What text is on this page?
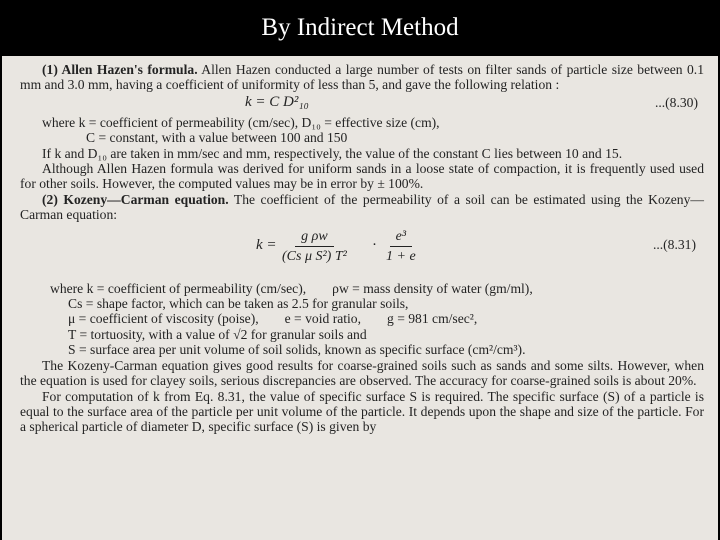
By Indirect Method

(1) Allen Hazen's formula. Allen Hazen conducted a large number of tests on filter sands of particle size between 0.1 mm and 3.0 mm, having a coefficient of uniformity of less than 5, and gave the following relation :

k = C D²₁₀	...(8.30)

where k = coefficient of permeability (cm/sec), D₁₀ = effective size (cm),

C = constant, with a value between 100 and 150

If k and D₁₀ are taken in mm/sec and mm, respectively, the value of the constant C lies between 10 and 15.

Although Allen Hazen formula was derived for uniform sands in a loose state of compaction, it is frequently used used for other soils. However, the computed values may be in error by ± 100%.

(2) Kozeny—Carman equation. The coefficient of the permeability of a soil can be estimated using the Kozeny—Carman equation:

$k = \frac{\text{g ρw}}{\text{(Cs μ S²) T²}} \cdot \frac{\text{e³}}{1 + e}$	...(8.31)

where k = coefficient of permeability (cm/sec), ρw = mass density of water (gm/ml),

Cs = shape factor, which can be taken as 2.5 for granular soils,

μ = coefficient of viscosity (poise), e = void ratio, g = 981 cm/sec²,

T = tortuosity, with a value of √2 for granular soils and

S = surface area per unit volume of soil solids, known as specific surface (cm²/cm³).

The Kozeny-Carman equation gives good results for coarse-grained soils such as sands and some silts. However, when the equation is used for clayey soils, serious discrepancies are observed. The accuracy for coarse-grained soils is about 20%.

For computation of k from Eq. 8.31, the value of specific surface S is required. The specific surface (S) of a particle is equal to the surface area of the particle per unit volume of the particle. It depends upon the shape and size of the particle. For a spherical particle of diameter D, specific surface (S) is given by
